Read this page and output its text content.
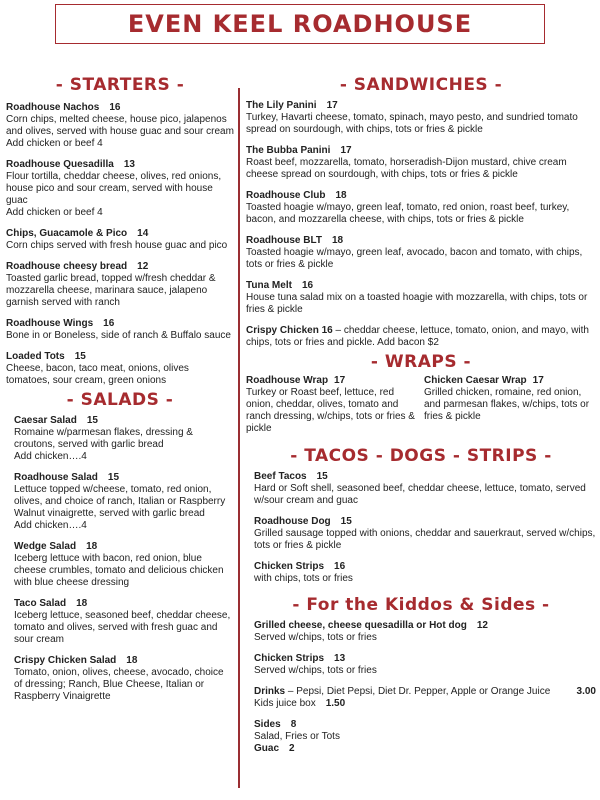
EVEN KEEL ROADHOUSE
- STARTERS -
Roadhouse Nachos 16
Corn chips, melted cheese, house pico, jalapenos and olives, served with house guac and sour cream
Add chicken or beef 4
Roadhouse Quesadilla 13
Flour tortilla, cheddar cheese, olives, red onions, house pico and sour cream, served with house guac
Add chicken or beef 4
Chips, Guacamole & Pico 14
Corn chips served with fresh house guac and pico
Roadhouse cheesy bread 12
Toasted garlic bread, topped w/fresh cheddar & mozzarella cheese, marinara sauce, jalapeno garnish served with ranch
Roadhouse Wings 16
Bone in or Boneless, side of ranch & Buffalo sauce
Loaded Tots 15
Cheese, bacon, taco meat, onions, olives tomatoes, sour cream, green onions
- SALADS -
Caesar Salad 15
Romaine w/parmesan flakes, dressing & croutons, served with garlic bread
Add chicken….4
Roadhouse Salad 15
Lettuce topped w/cheese, tomato, red onion, olives, and choice of ranch, Italian or Raspberry Walnut vinaigrette, served with garlic bread
Add chicken….4
Wedge Salad 18
Iceberg lettuce with bacon, red onion, blue cheese crumbles, tomato and delicious chicken with blue cheese dressing
Taco Salad 18
Iceberg lettuce, seasoned beef, cheddar cheese, tomato and olives, served with fresh guac and sour cream
Crispy Chicken Salad 18
Tomato, onion, olives, cheese, avocado, choice of dressing; Ranch, Blue Cheese, Italian or Raspberry Vinaigrette
- SANDWICHES -
The Lily Panini 17
Turkey, Havarti cheese, tomato, spinach, mayo pesto, and sundried tomato spread on sourdough, with chips, tots or fries & pickle
The Bubba Panini 17
Roast beef, mozzarella, tomato, horseradish-Dijon mustard, chive cream cheese spread on sourdough, with chips, tots or fries & pickle
Roadhouse Club 18
Toasted hoagie w/mayo, green leaf, tomato, red onion, roast beef, turkey, bacon, and mozzarella cheese, with chips, tots or fries & pickle
Roadhouse BLT 18
Toasted hoagie w/mayo, green leaf, avocado, bacon and tomato, with chips, tots or fries & pickle
Tuna Melt 16
House tuna salad mix on a toasted hoagie with mozzarella, with chips, tots or fries & pickle
Crispy Chicken 16 – cheddar cheese, lettuce, tomato, onion, and mayo, with chips, tots or fries and pickle. Add bacon $2
- WRAPS -
Roadhouse Wrap 17
Turkey or Roast beef, lettuce, red onion, cheddar, olives, tomato and ranch dressing, w/chips, tots or fries & pickle
Chicken Caesar Wrap 17
Grilled chicken, romaine, red onion, and parmesan flakes, w/chips, tots or fries & pickle
- TACOS - DOGS - STRIPS -
Beef Tacos 15
Hard or Soft shell, seasoned beef, cheddar cheese, lettuce, tomato, served w/sour cream and guac
Roadhouse Dog 15
Grilled sausage topped with onions, cheddar and sauerkraut, served w/chips, tots or fries & pickle
Chicken Strips 16
with chips, tots or fries
- For the Kiddos & Sides -
Grilled cheese, cheese quesadilla or Hot dog 12
Served w/chips, tots or fries
Chicken Strips 13
Served w/chips, tots or fries
Drinks – Pepsi, Diet Pepsi, Diet Dr. Pepper, Apple or Orange Juice	3.00
Kids juice box 1.50
Sides 8
Salad, Fries or Tots
Guac 2
